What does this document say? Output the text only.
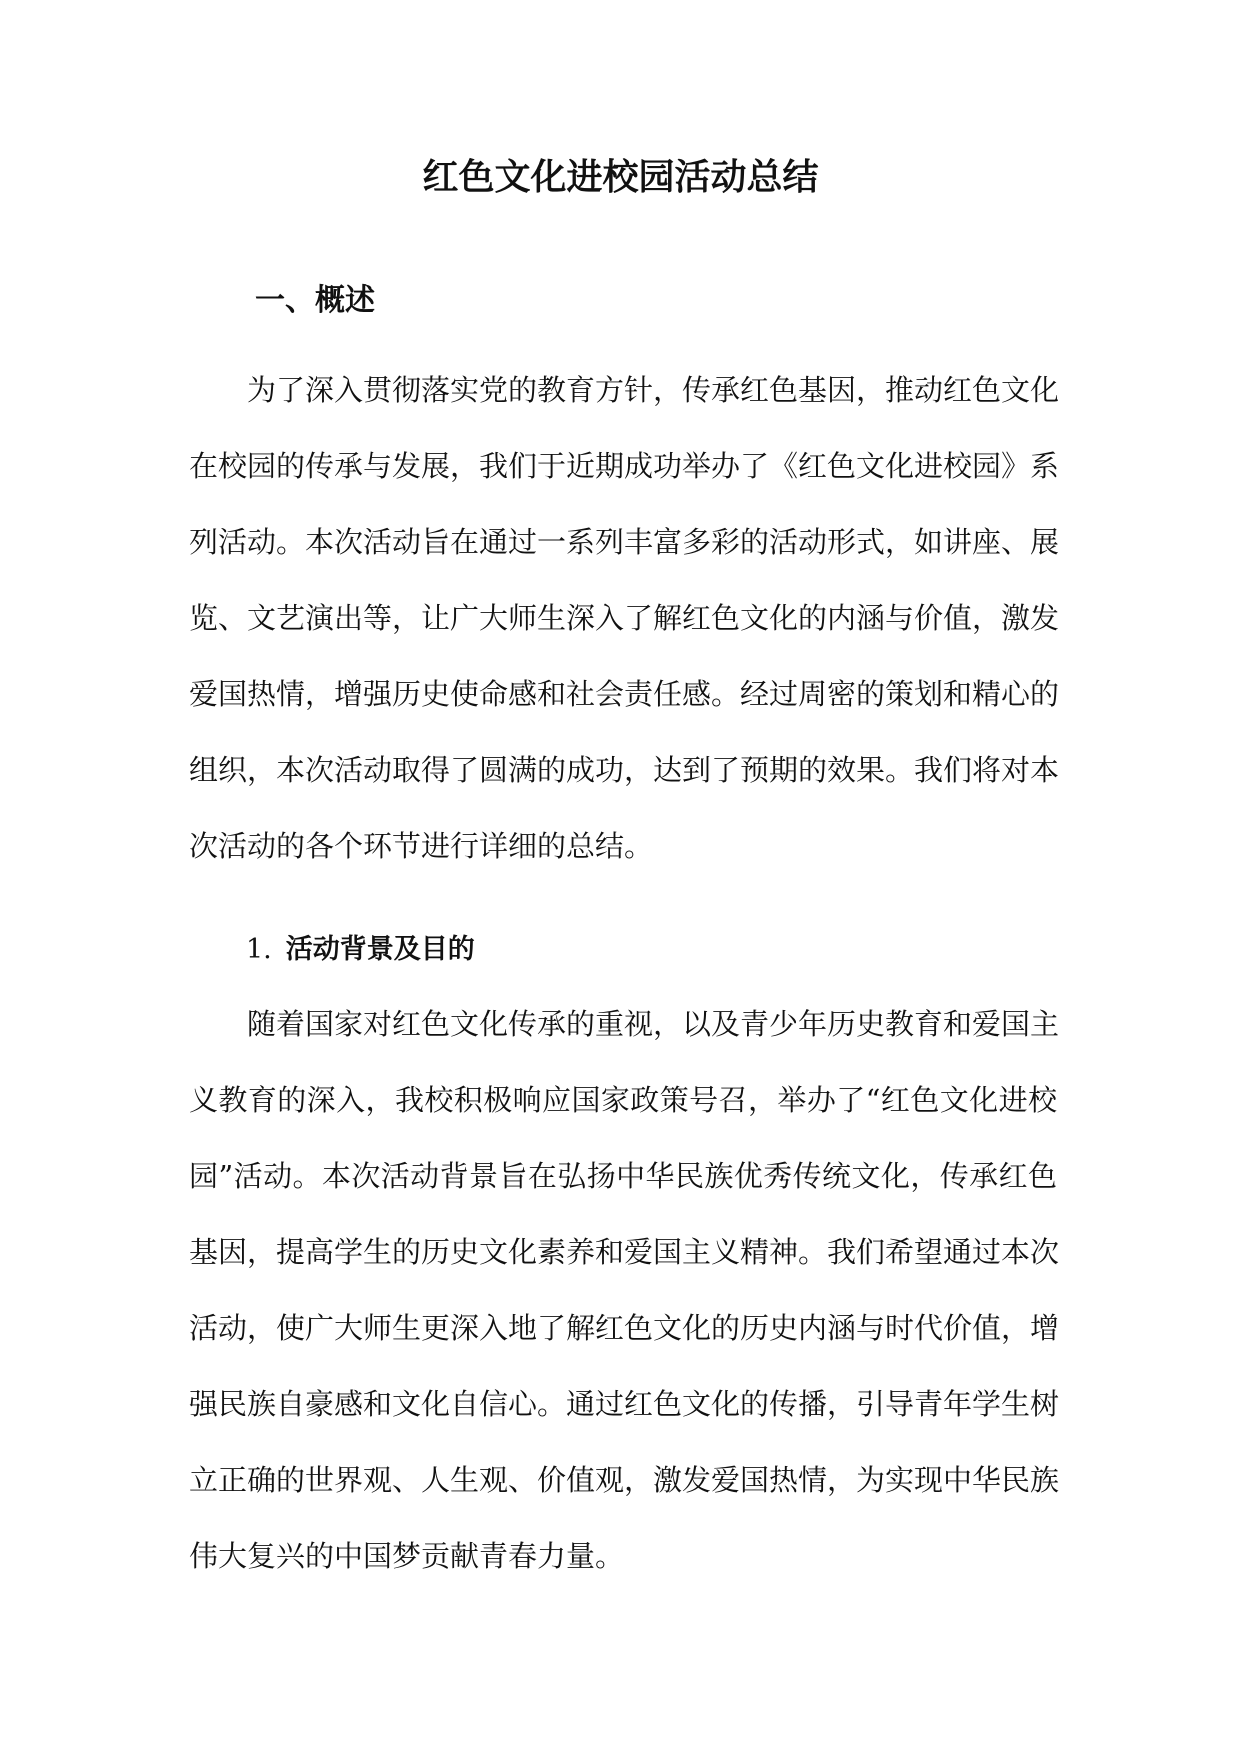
红色文化进校园活动总结
一、概述
为了深入贯彻落实党的教育方针，传承红色基因，推动红色文化
在校园的传承与发展，我们于近期成功举办了《红色文化进校园》系
列活动。本次活动旨在通过一系列丰富多彩的活动形式，如讲座、展
览、文艺演出等，让广大师生深入了解红色文化的内涵与价值，激发
爱国热情，增强历史使命感和社会责任感。经过周密的策划和精心的
组织，本次活动取得了圆满的成功，达到了预期的效果。我们将对本
次活动的各个环节进行详细的总结。
1. 活动背景及目的
随着国家对红色文化传承的重视，以及青少年历史教育和爱国主
义教育的深入，我校积极响应国家政策号召，举办了“红色文化进校
园”活动。本次活动背景旨在弘扬中华民族优秀传统文化，传承红色
基因，提高学生的历史文化素养和爱国主义精神。我们希望通过本次
活动，使广大师生更深入地了解红色文化的历史内涵与时代价值，增
强民族自豪感和文化自信心。通过红色文化的传播，引导青年学生树
立正确的世界观、人生观、价值观，激发爱国热情，为实现中华民族
伟大复兴的中国梦贡献青春力量。
